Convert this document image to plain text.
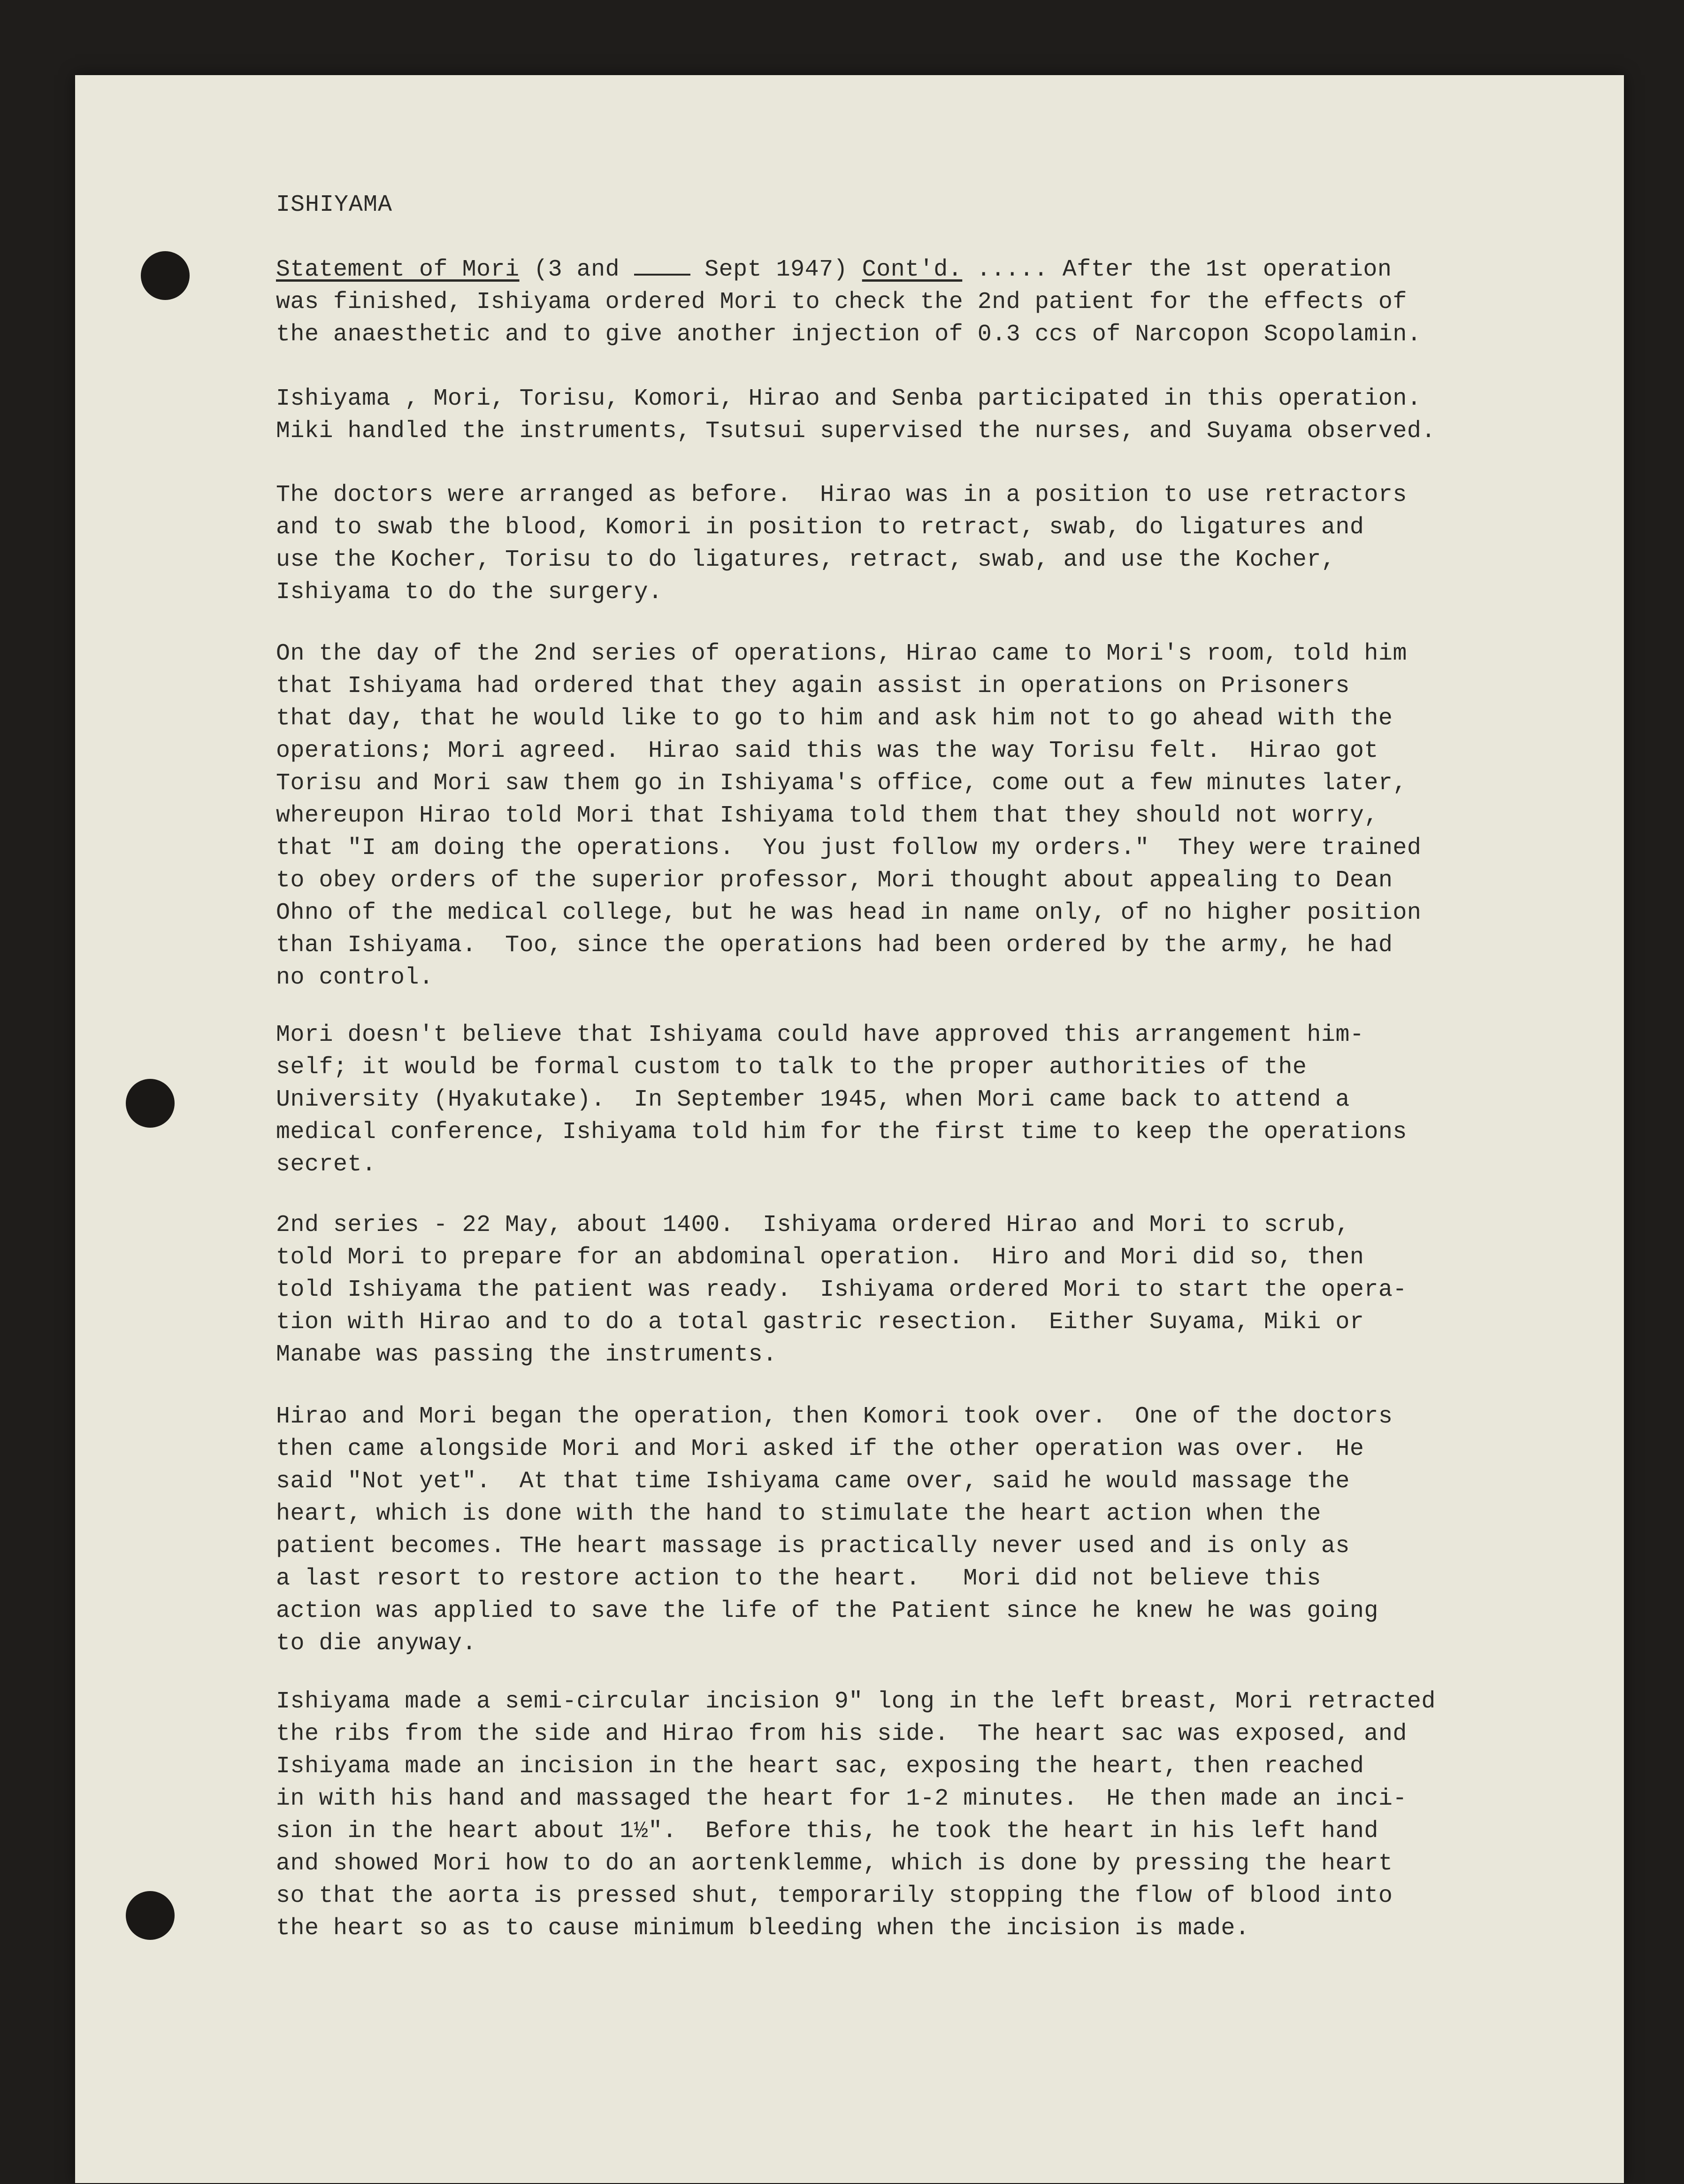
ISHIYAMA
Statement of Mori (3 and  Sept 1947) Cont'd. ..... After the 1st operation
was finished, Ishiyama ordered Mori to check the 2nd patient for the effects of
the anaesthetic and to give another injection of 0.3 ccs of Narcopon Scopolamin.
Ishiyama , Mori, Torisu, Komori, Hirao and Senba participated in this operation.
Miki handled the instruments, Tsutsui supervised the nurses, and Suyama observed.
The doctors were arranged as before.  Hirao was in a position to use retractors
and to swab the blood, Komori in position to retract, swab, do ligatures and
use the Kocher, Torisu to do ligatures, retract, swab, and use the Kocher,
Ishiyama to do the surgery.
On the day of the 2nd series of operations, Hirao came to Mori's room, told him
that Ishiyama had ordered that they again assist in operations on Prisoners
that day, that he would like to go to him and ask him not to go ahead with the
operations; Mori agreed.  Hirao said this was the way Torisu felt.  Hirao got
Torisu and Mori saw them go in Ishiyama's office, come out a few minutes later,
whereupon Hirao told Mori that Ishiyama told them that they should not worry,
that "I am doing the operations.  You just follow my orders."  They were trained
to obey orders of the superior professor, Mori thought about appealing to Dean
Ohno of the medical college, but he was head in name only, of no higher position
than Ishiyama.  Too, since the operations had been ordered by the army, he had
no control.
Mori doesn't believe that Ishiyama could have approved this arrangement him-
self; it would be formal custom to talk to the proper authorities of the
University (Hyakutake).  In September 1945, when Mori came back to attend a
medical conference, Ishiyama told him for the first time to keep the operations
secret.
2nd series - 22 May, about 1400.  Ishiyama ordered Hirao and Mori to scrub,
told Mori to prepare for an abdominal operation.  Hiro and Mori did so, then
told Ishiyama the patient was ready.  Ishiyama ordered Mori to start the opera-
tion with Hirao and to do a total gastric resection.  Either Suyama, Miki or
Manabe was passing the instruments.
Hirao and Mori began the operation, then Komori took over.  One of the doctors
then came alongside Mori and Mori asked if the other operation was over.  He
said "Not yet".  At that time Ishiyama came over, said he would massage the
heart, which is done with the hand to stimulate the heart action when the
patient becomes. THe heart massage is practically never used and is only as
a last resort to restore action to the heart.   Mori did not believe this
action was applied to save the life of the Patient since he knew he was going
to die anyway.
Ishiyama made a semi-circular incision 9" long in the left breast, Mori retracted
the ribs from the side and Hirao from his side.  The heart sac was exposed, and
Ishiyama made an incision in the heart sac, exposing the heart, then reached
in with his hand and massaged the heart for 1-2 minutes.  He then made an inci-
sion in the heart about 1½".  Before this, he took the heart in his left hand
and showed Mori how to do an aortenklemme, which is done by pressing the heart
so that the aorta is pressed shut, temporarily stopping the flow of blood into
the heart so as to cause minimum bleeding when the incision is made.
